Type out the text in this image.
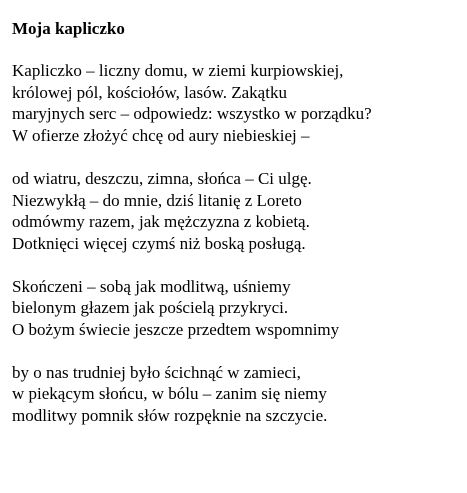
Moja kapliczko

Kapliczko – liczny domu, w ziemi kurpiowskiej,

królowej pól, kościołów, lasów. Zakątku

maryjnych serc – odpowiedz: wszystko w porządku?

W ofierze złożyć chcę od aury niebieskiej –

od wiatru, deszczu, zimna, słońca – Ci ulgę.

Niezwykłą – do mnie, dziś litanię z Loreto

odmówmy razem, jak mężczyzna z kobietą.

Dotknięci więcej czymś niż boską posługą.

Skończeni – sobą jak modlitwą, uśniemy

bielonym głazem jak pościelą przykryci.

O bożym świecie jeszcze przedtem wspomnimy

by o nas trudniej było ścichnąć w zamieci,

w piekącym słońcu, w bólu – zanim się niemy

modlitwy pomnik słów rozpęknie na szczycie.
